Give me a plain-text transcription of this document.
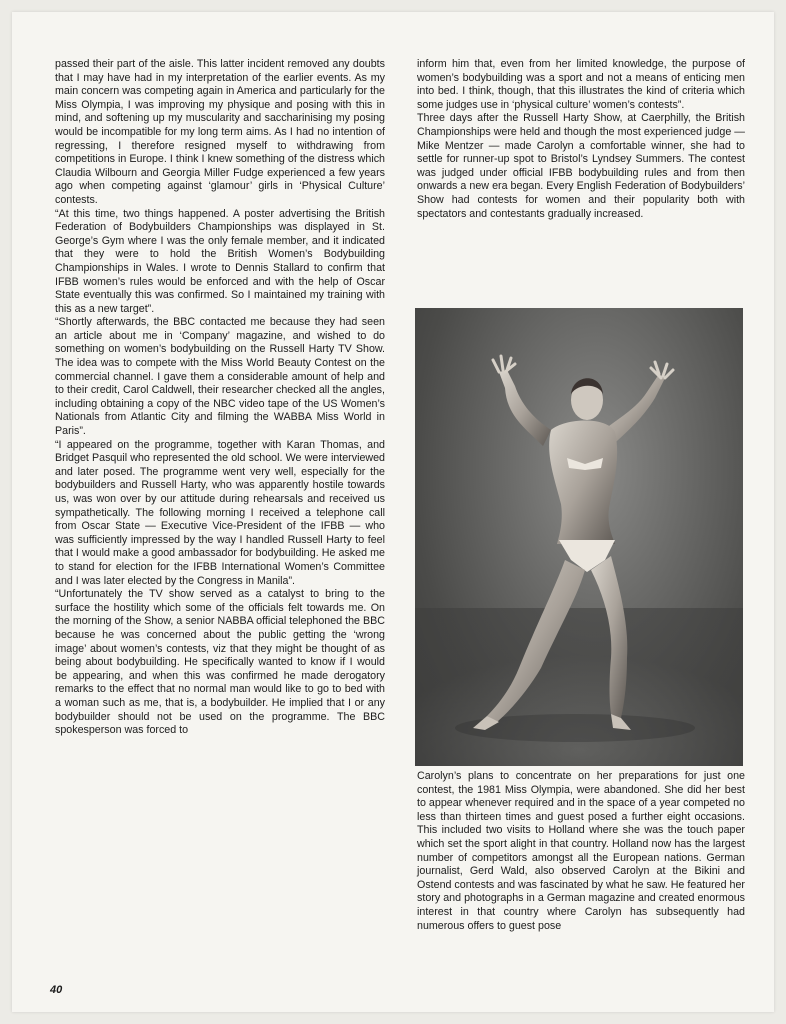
passed their part of the aisle. This latter incident removed any doubts that I may have had in my interpretation of the earlier events. As my main concern was competing again in America and particularly for the Miss Olympia, I was improving my physique and posing with this in mind, and softening up my muscularity and saccharinising my posing would be incompatible for my long term aims. As I had no intention of regressing, I therefore resigned myself to withdrawing from competitions in Europe. I think I knew something of the distress which Claudia Wilbourn and Georgia Miller Fudge experienced a few years ago when competing against ‘glamour’ girls in ‘Physical Culture’ contests.

“At this time, two things happened. A poster advertising the British Federation of Bodybuilders Championships was displayed in St. George’s Gym where I was the only female member, and it indicated that they were to hold the British Women’s Bodybuilding Championships in Wales. I wrote to Dennis Stallard to confirm that IFBB women’s rules would be enforced and with the help of Oscar State eventually this was confirmed. So I maintained my training with this as a new target”.

“Shortly afterwards, the BBC contacted me because they had seen an article about me in ‘Company’ magazine, and wished to do something on women’s bodybuilding on the Russell Harty TV Show. The idea was to compete with the Miss World Beauty Contest on the commercial channel. I gave them a considerable amount of help and to their credit, Carol Caldwell, their researcher checked all the angles, including obtaining a copy of the NBC video tape of the US Women’s Nationals from Atlantic City and filming the WABBA Miss World in Paris”.

“I appeared on the programme, together with Karan Thomas, and Bridget Pasquil who represented the old school. We were interviewed and later posed. The programme went very well, especially for the bodybuilders and Russell Harty, who was apparently hostile towards us, was won over by our attitude during rehearsals and received us sympathetically. The following morning I received a telephone call from Oscar State — Executive Vice-President of the IFBB — who was sufficiently impressed by the way I handled Russell Harty to feel that I would make a good ambassador for bodybuilding. He asked me to stand for election for the IFBB International Women’s Committee and I was later elected by the Congress in Manila”.

“Unfortunately the TV show served as a catalyst to bring to the surface the hostility which some of the officials felt towards me. On the morning of the Show, a senior NABBA official telephoned the BBC because he was concerned about the public getting the ‘wrong image’ about women’s contests, viz that they might be thought of as being about bodybuilding. He specifically wanted to know if I would be appearing, and when this was confirmed he made derogatory remarks to the effect that no normal man would like to go to bed with a woman such as me, that is, a bodybuilder. He implied that I or any bodybuilder should not be used on the programme. The BBC spokesperson was forced to

inform him that, even from her limited knowledge, the purpose of women’s bodybuilding was a sport and not a means of enticing men into bed. I think, though, that this illustrates the kind of criteria which some judges use in ‘physical culture’ women’s contests”.

Three days after the Russell Harty Show, at Caerphilly, the British Championships were held and though the most experienced judge — Mike Mentzer — made Carolyn a comfortable winner, she had to settle for runner-up spot to Bristol’s Lyndsey Summers. The contest was judged under official IFBB bodybuilding rules and from then onwards a new era began. Every English Federation of Bodybuilders’ Show had contests for women and their popularity both with spectators and contestants gradually increased.

Carolyn’s plans to concentrate on her preparations for just one contest, the 1981 Miss Olympia, were abandoned. She did her best to appear whenever required and in the space of a year competed no less than thirteen times and guest posed a further eight occasions. This included two visits to Holland where she was the touch paper which set the sport alight in that country. Holland now has the largest number of competitors amongst all the European nations. German journalist, Gerd Wald, also observed Carolyn at the Bikini and Ostend contests and was fascinated by what he saw. He featured her story and photographs in a German magazine and created enormous interest in that country where Carolyn has subsequently had numerous offers to guest pose

40
